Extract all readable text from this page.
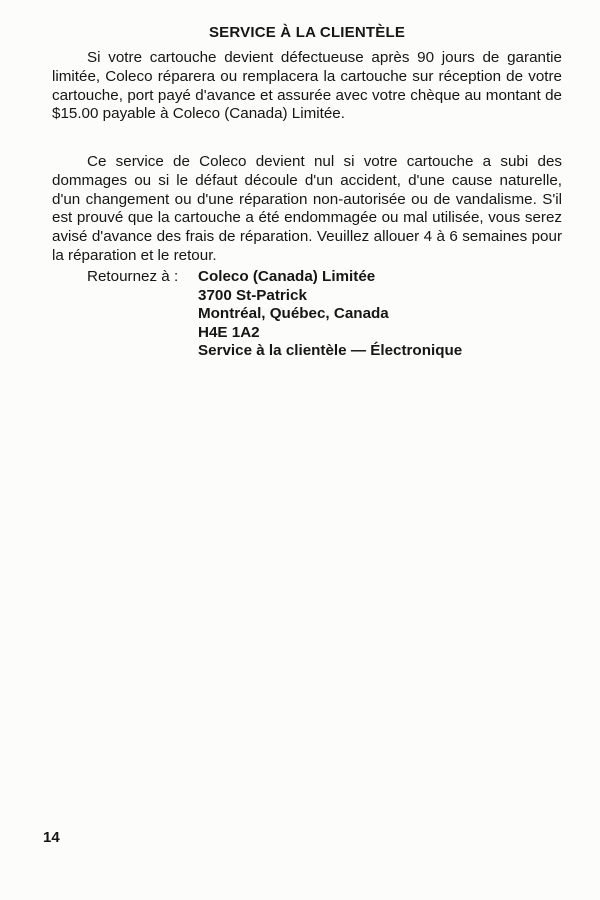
SERVICE À LA CLIENTÈLE

Si votre cartouche devient défectueuse après 90 jours de garantie limitée, Coleco réparera ou remplacera la cartouche sur réception de votre cartouche, port payé d'avance et assurée avec votre chèque au montant de $15.00 payable à Coleco (Canada) Limitée.

Ce service de Coleco devient nul si votre cartouche a subi des dommages ou si le défaut découle d'un accident, d'une cause naturelle, d'un changement ou d'une réparation non-autorisée ou de vandalisme. S'il est prouvé que la cartouche a été endommagée ou mal utilisée, vous serez avisé d'avance des frais de réparation. Veuillez allouer 4 à 6 semaines pour la réparation et le retour.

Retournez à : Coleco (Canada) Limitée
3700 St-Patrick
Montréal, Québec, Canada
H4E 1A2
Service à la clientèle — Électronique
14
